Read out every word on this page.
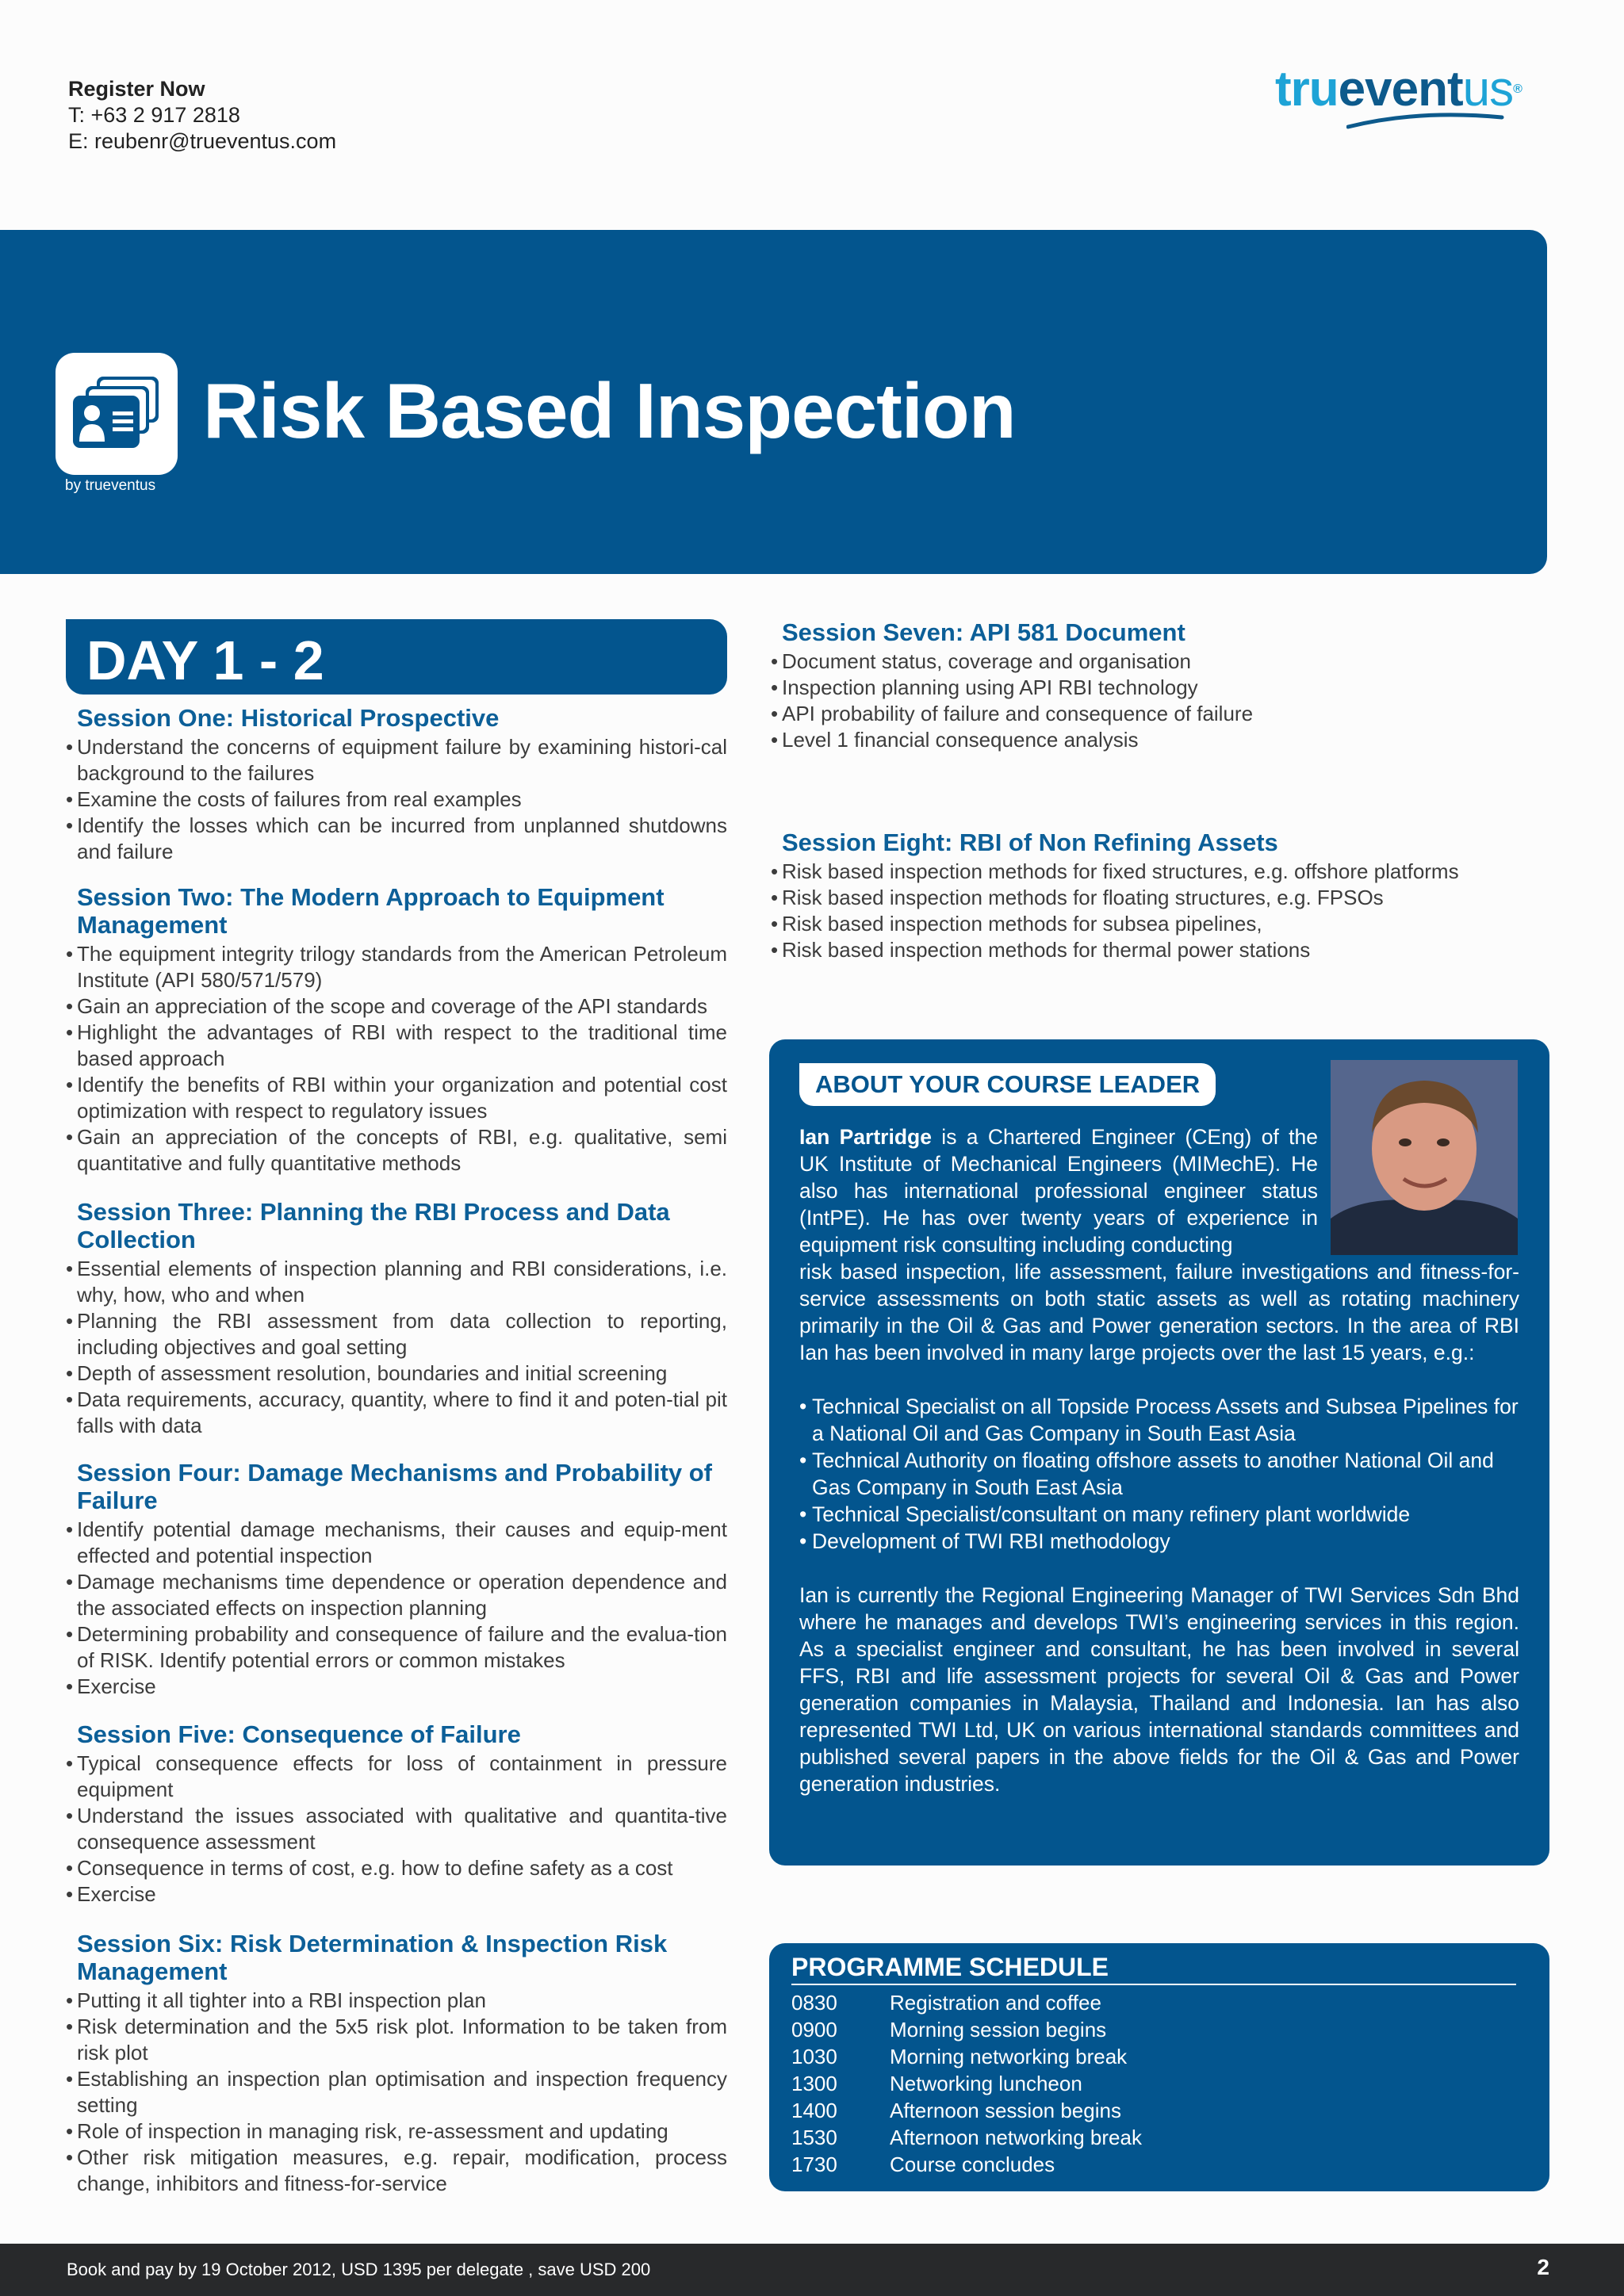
Register Now
T: +63 2 917 2818
E: reubenr@trueventus.com
trueventus®
by trueventus
Risk Based Inspection
DAY 1 - 2
Session One: Historical Prospective
• Understand the concerns of equipment failure by examining histori-cal background to the failures
• Examine the costs of failures from real examples
• Identify the losses which can be incurred from unplanned shutdowns and failure
Session Two: The Modern Approach to Equipment Management
• The equipment integrity trilogy standards from the American Petroleum Institute (API 580/571/579)
• Gain an appreciation of the scope and coverage of the API standards
• Highlight the advantages of RBI with respect to the traditional time based approach
• Identify the benefits of RBI within your organization and potential cost optimization with respect to regulatory issues
• Gain an appreciation of the concepts of RBI, e.g. qualitative, semi quantitative and fully quantitative methods
Session Three: Planning the RBI Process and Data Collection
• Essential elements of inspection planning and RBI considerations, i.e. why, how, who and when
• Planning the RBI assessment from data collection to reporting, including objectives and goal setting
• Depth of assessment resolution, boundaries and initial screening
• Data requirements, accuracy, quantity, where to find it and poten-tial pit falls with data
Session Four: Damage Mechanisms and Probability of Failure
• Identify potential damage mechanisms, their causes and equip-ment effected and potential inspection
• Damage mechanisms time dependence or operation dependence and the associated effects on inspection planning
• Determining probability and consequence of failure and the evalua-tion of RISK. Identify potential errors or common mistakes
• Exercise
Session Five: Consequence of Failure
• Typical consequence effects for loss of containment in pressure equipment
• Understand the issues associated with qualitative and quantita-tive consequence assessment
• Consequence in terms of cost, e.g. how to define safety as a cost
• Exercise
Session Six: Risk Determination & Inspection Risk Management
• Putting it all tighter into a RBI inspection plan
• Risk determination and the 5x5 risk plot. Information to be taken from risk plot
• Establishing an inspection plan optimisation and inspection frequency setting
• Role of inspection in managing risk, re-assessment and updating
• Other risk mitigation measures, e.g. repair, modification, process change, inhibitors and fitness-for-service
Session Seven: API 581 Document
• Document status, coverage and organisation
• Inspection planning using API RBI technology
• API probability of failure and consequence of failure
• Level 1 financial consequence analysis
Session Eight: RBI of Non Refining Assets
• Risk based inspection methods for fixed structures, e.g. offshore platforms
• Risk based inspection methods for floating structures, e.g. FPSOs
• Risk based inspection methods for subsea pipelines,
• Risk based inspection methods for thermal power stations
ABOUT YOUR COURSE LEADER
Ian Partridge is a Chartered Engineer (CEng) of the UK Institute of Mechanical Engineers (MIMechE). He also has international professional engineer status (IntPE). He has over twenty years of experience in equipment risk consulting including conducting
risk based inspection, life assessment, failure investigations and fitness-for-service assessments on both static assets as well as rotating machinery primarily in the Oil & Gas and Power generation sectors. In the area of RBI Ian has been involved in many large projects over the last 15 years, e.g.:
• Technical Specialist on all Topside Process Assets and Subsea Pipelines for a National Oil and Gas Company in South East Asia
• Technical Authority on floating offshore assets to another National Oil and Gas Company in South East Asia
• Technical Specialist/consultant on many refinery plant worldwide
• Development of TWI RBI methodology
Ian is currently the Regional Engineering Manager of TWI Services Sdn Bhd where he manages and develops TWI’s engineering services in this region. As a specialist engineer and consultant, he has been involved in several FFS, RBI and life assessment projects for several Oil & Gas and Power generation companies in Malaysia, Thailand and Indonesia. Ian has also represented TWI Ltd, UK on various international standards committees and published several papers in the above fields for the Oil & Gas and Power generation industries.
PROGRAMME SCHEDULE
0830	Registration and coffee
0900	Morning session begins
1030	Morning networking break
1300	Networking luncheon
1400	Afternoon session begins
1530	Afternoon networking break
1730	Course concludes
Book and pay by 19 October 2012, USD 1395 per delegate , save USD 200	2
